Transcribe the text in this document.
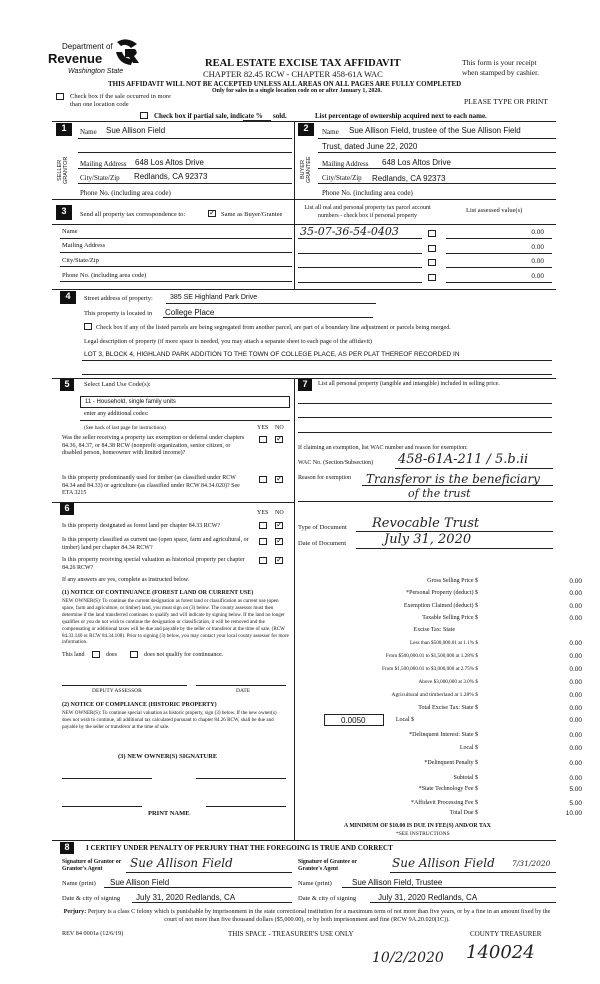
Department of
Revenue
Washington State
REAL ESTATE EXCISE TAX AFFIDAVIT
CHAPTER 82.45 RCW - CHAPTER 458-61A WAC
This form is your receipt when stamped by cashier.
THIS AFFIDAVIT WILL NOT BE ACCEPTED UNLESS ALL AREAS ON ALL PAGES ARE FULLY COMPLETED
Check box if the sale occurred in more than one location code
Only for sales in a single location code on or after January 1, 2020.
PLEASE TYPE OR PRINT
Check box if partial sale, indicate % sold.	List percentage of ownership acquired next to each name.
1
SELLER GRANTOR
Name Sue Allison Field
Mailing Address 648 Los Altos Drive
City/State/Zip Redlands, CA 92373
Phone No. (including area code)
2
BUYER GRANTEE
Name Sue Allison Field, trustee of the Sue Allison Field
Trust, dated June 22, 2020
Mailing Address 648 Los Altos Drive
City/State/Zip Redlands, CA 92373
Phone No. (including area code)
3	Send all property tax correspondence to:
✓	Same as Buyer/Grantee
List all real and personal property tax parcel account numbers - check box if personal property
List assessed value(s)
Name
Mailing Address
City/State/Zip
Phone No. (including area code)
35-07-36-54-0403	0.00
0.00
0.00
0.00
4	Street address of property: 385 SE Highland Park Drive
This property is located in College Place
Check box if any of the listed parcels are being segregated from another parcel, are part of a boundary line adjustment or parcels being merged.
Legal description of property (if more space is needed, you may attach a separate sheet to each page of the affidavit)
LOT 3, BLOCK 4, HIGHLAND PARK ADDITION TO THE TOWN OF COLLEGE PLACE, AS PER PLAT THEREOF RECORDED IN
5	Select Land Use Code(s):
11 - Household, single family units
enter any additional codes:
(See back of last page for instructions)	YES NO
Was the seller receiving a property tax exemption or deferral under chapters 84.36, 84.37, or 84.38 RCW (nonprofit organization, senior citizen, or disabled person, homeowner with limited income)?
✓
Is this property predominantly used for timber (as classified under RCW 84.34 and 84.33) or agriculture (as classified under RCW 84.34.020)? See ETA 3215
✓
6	YES NO
Is this property designated as forest land per chapter 84.33 RCW?
✓
Is this property classified as current use (open space, farm and agricultural, or timber) land per chapter 84.34 RCW?
✓
Is this property receiving special valuation as historical property per chapter 84.26 RCW?
✓
If any answers are yes, complete as instructed below.
(1) NOTICE OF CONTINUANCE (FOREST LAND OR CURRENT USE)
NEW OWNER(S): To continue the current designation as forest land or classification as current use (open space, farm and agriculture, or timber) land, you must sign on (3) below. The county assessor must then determine if the land transferred continues to qualify and will indicate by signing below. If the land no longer qualifies or you do not wish to continue the designation or classification, it will be removed and the compensating or additional taxes will be due and payable by the seller or transferor at the time of sale. (RCW 84.33.140 or RCW 84.34.108). Prior to signing (3) below, you may contact your local county assessor for more information.
This land	does	does not qualify for continuance.
DEPUTY ASSESSOR	DATE
(2) NOTICE OF COMPLIANCE (HISTORIC PROPERTY)
NEW OWNER(S): To continue special valuation as historic property, sign (3) below. If the new owner(s) does not wish to continue, all additional tax calculated pursuant to chapter 84.26 RCW, shall be due and payable by the seller or transferor at the time of sale.
(3) NEW OWNER(S) SIGNATURE
PRINT NAME
7	List all personal property (tangible and intangible) included in selling price.
If claiming an exemption, list WAC number and reason for exemption:
WAC No. (Section/Subsection) 458-61A-211 / 5.b.ii
Reason for exemption Transferor is the beneficiary
of the trust
Type of Document Revocable Trust
Date of Document	July 31, 2020
Gross Selling Price $	0.00
*Personal Property (deduct) $	0.00
Exemption Claimed (deduct) $	0.00
Taxable Selling Price $	0.00
Excise Tax: State
Less than $500,000.01 at 1.1% $	0.00
From $500,000.01 to $1,500,000 at 1.28% $	0.00
From $1,500,000.01 to $3,000,000 at 2.75% $	0.00
Above $3,000,000 at 3.0% $	0.00
Agricultural and timberland at 1.28% $	0.00
Total Excise Tax: State $	0.00
0.0050	Local $	0.00
*Delinquent Interest: State $	0.00
Local $	0.00
*Delinquent Penalty $	0.00
Subtotal $	0.00
*State Technology Fee $	5.00
*Affidavit Processing Fee $	5.00
Total Due $	10.00
A MINIMUM OF $10.00 IS DUE IN FEE(S) AND/OR TAX
*SEE INSTRUCTIONS
8	I CERTIFY UNDER PENALTY OF PERJURY THAT THE FOREGOING IS TRUE AND CORRECT
Signature of Grantor or Grantor's Agent	Sue Allison Field	Signature of Grantee or Grantee's Agent	Sue Allison Field 7/31/2020
Name (print) Sue Allison Field	Name (print)	Sue Allison Field, Trustee
Date & city of signing July 31, 2020 Redlands, CA	Date & city of signing	July 31, 2020 Redlands, CA
Perjury: Perjury is a class C felony which is punishable by imprisonment in the state correctional institution for a maximum term of not more than five years, or by a fine in an amount fixed by the court of not more than five thousand dollars ($5,000.00), or by both imprisonment and fine (RCW 9A.20.020(1C)).
REV 84 0001a (12/6/19)	THIS SPACE - TREASURER'S USE ONLY	COUNTY TREASURER
10/2/2020 140024
